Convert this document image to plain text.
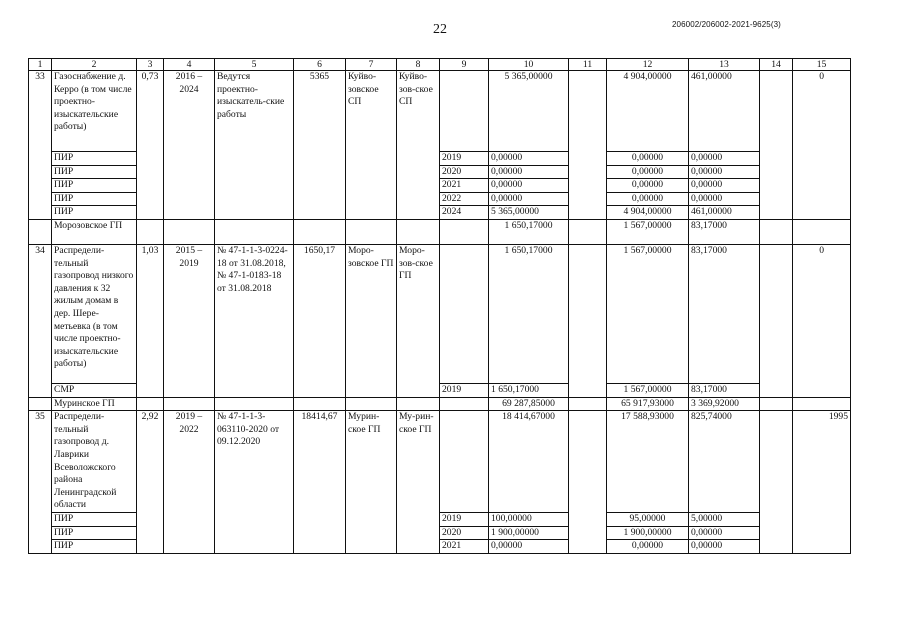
22	206002/206002-2021-9625(3)
1	2	3	4	5	6	7	8	9	10	11	12	13	14	15
33	Газоснабжение д. Керро (в том числе проектно-изыскательские работы)	0,73	2016 – 2024	Ведутся проектно-изыскатель-ские работы	5365	Куйво-зовское СП	Куйво-зов-ское СП		5 365,00000		4 904,00000	461,00000		0
	ПИР							2019	0,00000		0,00000	0,00000		
	ПИР							2020	0,00000		0,00000	0,00000		
	ПИР							2021	0,00000		0,00000	0,00000		
	ПИР							2022	0,00000		0,00000	0,00000		
	ПИР							2024	5 365,00000		4 904,00000	461,00000		
	Морозовское ГП								1 650,17000		1 567,00000	83,17000		
34	Распредели-тельный газопровод низкого давления к 32 жилым домам в дер. Шере-метьевка (в том числе проектно-изыскательские работы)	1,03	2015 – 2019	№ 47-1-1-3-0224-18 от 31.08.2018, № 47-1-0183-18 от 31.08.2018	1650,17	Моро-зовское ГП	Моро-зов-ское ГП		1 650,17000		1 567,00000	83,17000		0
	СМР							2019	1 650,17000		1 567,00000	83,17000		
	Муринское ГП								69 287,85000		65 917,93000	3 369,92000		
35	Распредели-тельный газопровод д. Лаврики Всеволожского района Ленинградской области	2,92	2019 – 2022	№ 47-1-1-3-063110-2020 от 09.12.2020	18414,67	Мурин-ское ГП	Му-рин-ское ГП		18 414,67000		17 588,93000	825,74000		1995
	ПИР							2019	100,00000		95,00000	5,00000		
	ПИР							2020	1 900,00000		1 900,00000	0,00000		
	ПИР							2021	0,00000		0,00000	0,00000		
